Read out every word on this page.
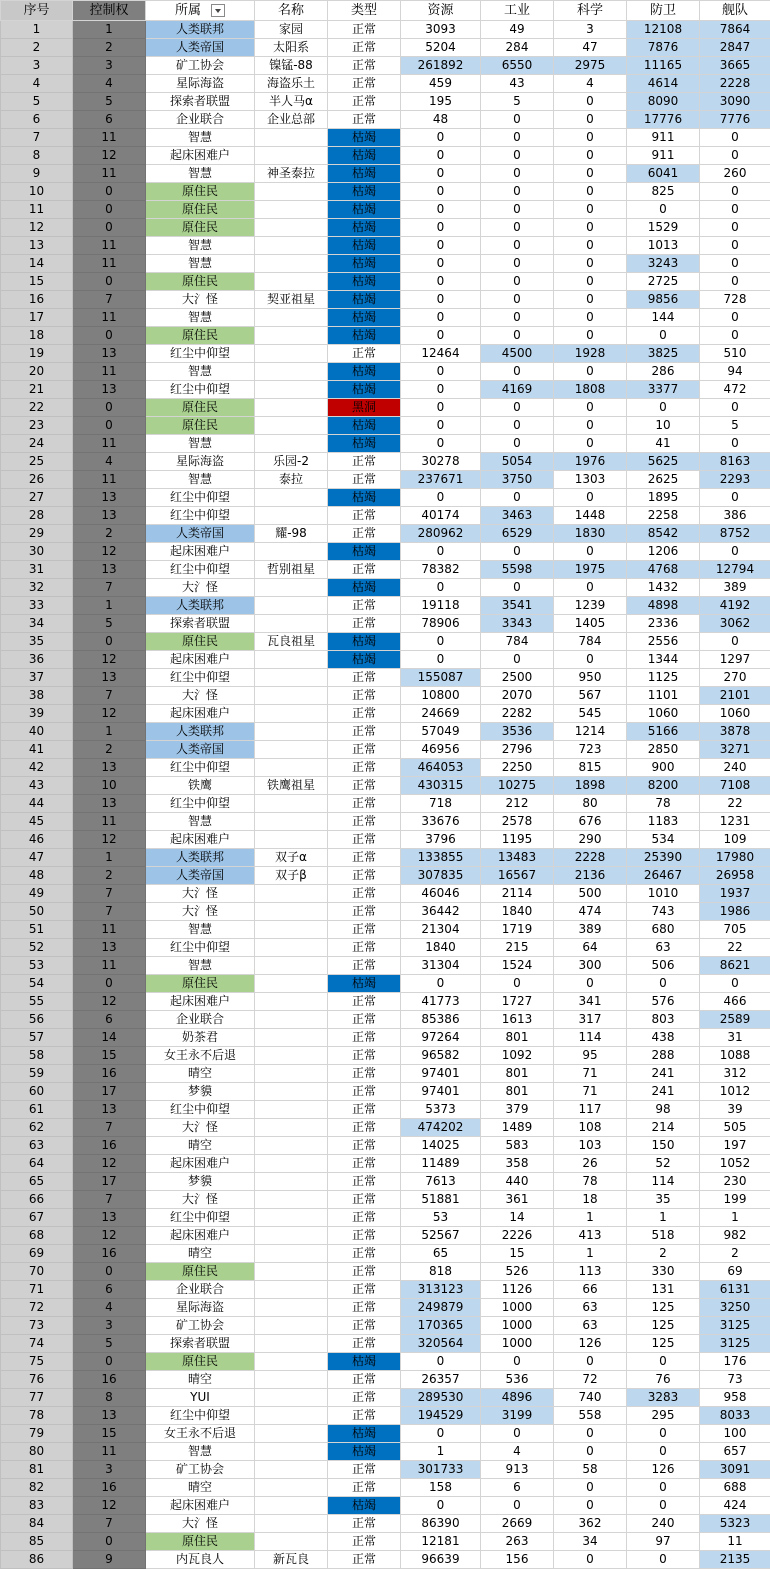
序号	控制权	所属	名称	类型	资源	工业	科学	防卫	舰队
1	1	人类联邦	家园	正常	3093	49	3	12108	7864
2	2	人类帝国	太阳系	正常	5204	284	47	7876	2847
3	3	矿工协会	镍锰-88	正常	261892	6550	2975	11165	3665
4	4	星际海盗	海盗乐土	正常	459	43	4	4614	2228
5	5	探索者联盟	半人马α	正常	195	5	0	8090	3090
6	6	企业联合	企业总部	正常	48	0	0	17776	7776
7	11	智慧		枯竭	0	0	0	911	0
8	12	起床困难户		枯竭	0	0	0	911	0
9	11	智慧	神圣泰拉	枯竭	0	0	0	6041	260
10	0	原住民		枯竭	0	0	0	825	0
11	0	原住民		枯竭	0	0	0	0	0
12	0	原住民		枯竭	0	0	0	1529	0
13	11	智慧		枯竭	0	0	0	1013	0
14	11	智慧		枯竭	0	0	0	3243	0
15	0	原住民		枯竭	0	0	0	2725	0
16	7	大氵怪	契亚祖星	枯竭	0	0	0	9856	728
17	11	智慧		枯竭	0	0	0	144	0
18	0	原住民		枯竭	0	0	0	0	0
19	13	红尘中仰望		正常	12464	4500	1928	3825	510
20	11	智慧		枯竭	0	0	0	286	94
21	13	红尘中仰望		枯竭	0	4169	1808	3377	472
22	0	原住民		黑洞	0	0	0	0	0
23	0	原住民		枯竭	0	0	0	10	5
24	11	智慧		枯竭	0	0	0	41	0
25	4	星际海盗	乐园-2	正常	30278	5054	1976	5625	8163
26	11	智慧	泰拉	正常	237671	3750	1303	2625	2293
27	13	红尘中仰望		枯竭	0	0	0	1895	0
28	13	红尘中仰望		正常	40174	3463	1448	2258	386
29	2	人类帝国	耀-98	正常	280962	6529	1830	8542	8752
30	12	起床困难户		枯竭	0	0	0	1206	0
31	13	红尘中仰望	哲别祖星	正常	78382	5598	1975	4768	12794
32	7	大氵怪		枯竭	0	0	0	1432	389
33	1	人类联邦		正常	19118	3541	1239	4898	4192
34	5	探索者联盟		正常	78906	3343	1405	2336	3062
35	0	原住民	瓦良祖星	枯竭	0	784	784	2556	0
36	12	起床困难户		枯竭	0	0	0	1344	1297
37	13	红尘中仰望		正常	155087	2500	950	1125	270
38	7	大氵怪		正常	10800	2070	567	1101	2101
39	12	起床困难户		正常	24669	2282	545	1060	1060
40	1	人类联邦		正常	57049	3536	1214	5166	3878
41	2	人类帝国		正常	46956	2796	723	2850	3271
42	13	红尘中仰望		正常	464053	2250	815	900	240
43	10	铁鹰	铁鹰祖星	正常	430315	10275	1898	8200	7108
44	13	红尘中仰望		正常	718	212	80	78	22
45	11	智慧		正常	33676	2578	676	1183	1231
46	12	起床困难户		正常	3796	1195	290	534	109
47	1	人类联邦	双子α	正常	133855	13483	2228	25390	17980
48	2	人类帝国	双子β	正常	307835	16567	2136	26467	26958
49	7	大氵怪		正常	46046	2114	500	1010	1937
50	7	大氵怪		正常	36442	1840	474	743	1986
51	11	智慧		正常	21304	1719	389	680	705
52	13	红尘中仰望		正常	1840	215	64	63	22
53	11	智慧		正常	31304	1524	300	506	8621
54	0	原住民		枯竭	0	0	0	0	0
55	12	起床困难户		正常	41773	1727	341	576	466
56	6	企业联合		正常	85386	1613	317	803	2589
57	14	奶茶君		正常	97264	801	114	438	31
58	15	女王永不后退		正常	96582	1092	95	288	1088
59	16	晴空		正常	97401	801	71	241	312
60	17	梦貘		正常	97401	801	71	241	1012
61	13	红尘中仰望		正常	5373	379	117	98	39
62	7	大氵怪		正常	474202	1489	108	214	505
63	16	晴空		正常	14025	583	103	150	197
64	12	起床困难户		正常	11489	358	26	52	1052
65	17	梦貘		正常	7613	440	78	114	230
66	7	大氵怪		正常	51881	361	18	35	199
67	13	红尘中仰望		正常	53	14	1	1	1
68	12	起床困难户		正常	52567	2226	413	518	982
69	16	晴空		正常	65	15	1	2	2
70	0	原住民		正常	818	526	113	330	69
71	6	企业联合		正常	313123	1126	66	131	6131
72	4	星际海盗		正常	249879	1000	63	125	3250
73	3	矿工协会		正常	170365	1000	63	125	3125
74	5	探索者联盟		正常	320564	1000	126	125	3125
75	0	原住民		枯竭	0	0	0	0	176
76	16	晴空		正常	26357	536	72	76	73
77	8	YUI		正常	289530	4896	740	3283	958
78	13	红尘中仰望		正常	194529	3199	558	295	8033
79	15	女王永不后退		枯竭	0	0	0	0	100
80	11	智慧		枯竭	1	4	0	0	657
81	3	矿工协会		正常	301733	913	58	126	3091
82	16	晴空		正常	158	6	0	0	688
83	12	起床困难户		枯竭	0	0	0	0	424
84	7	大氵怪		正常	86390	2669	362	240	5323
85	0	原住民		正常	12181	263	34	97	11
86	9	内瓦良人	新瓦良	正常	96639	156	0	0	2135
